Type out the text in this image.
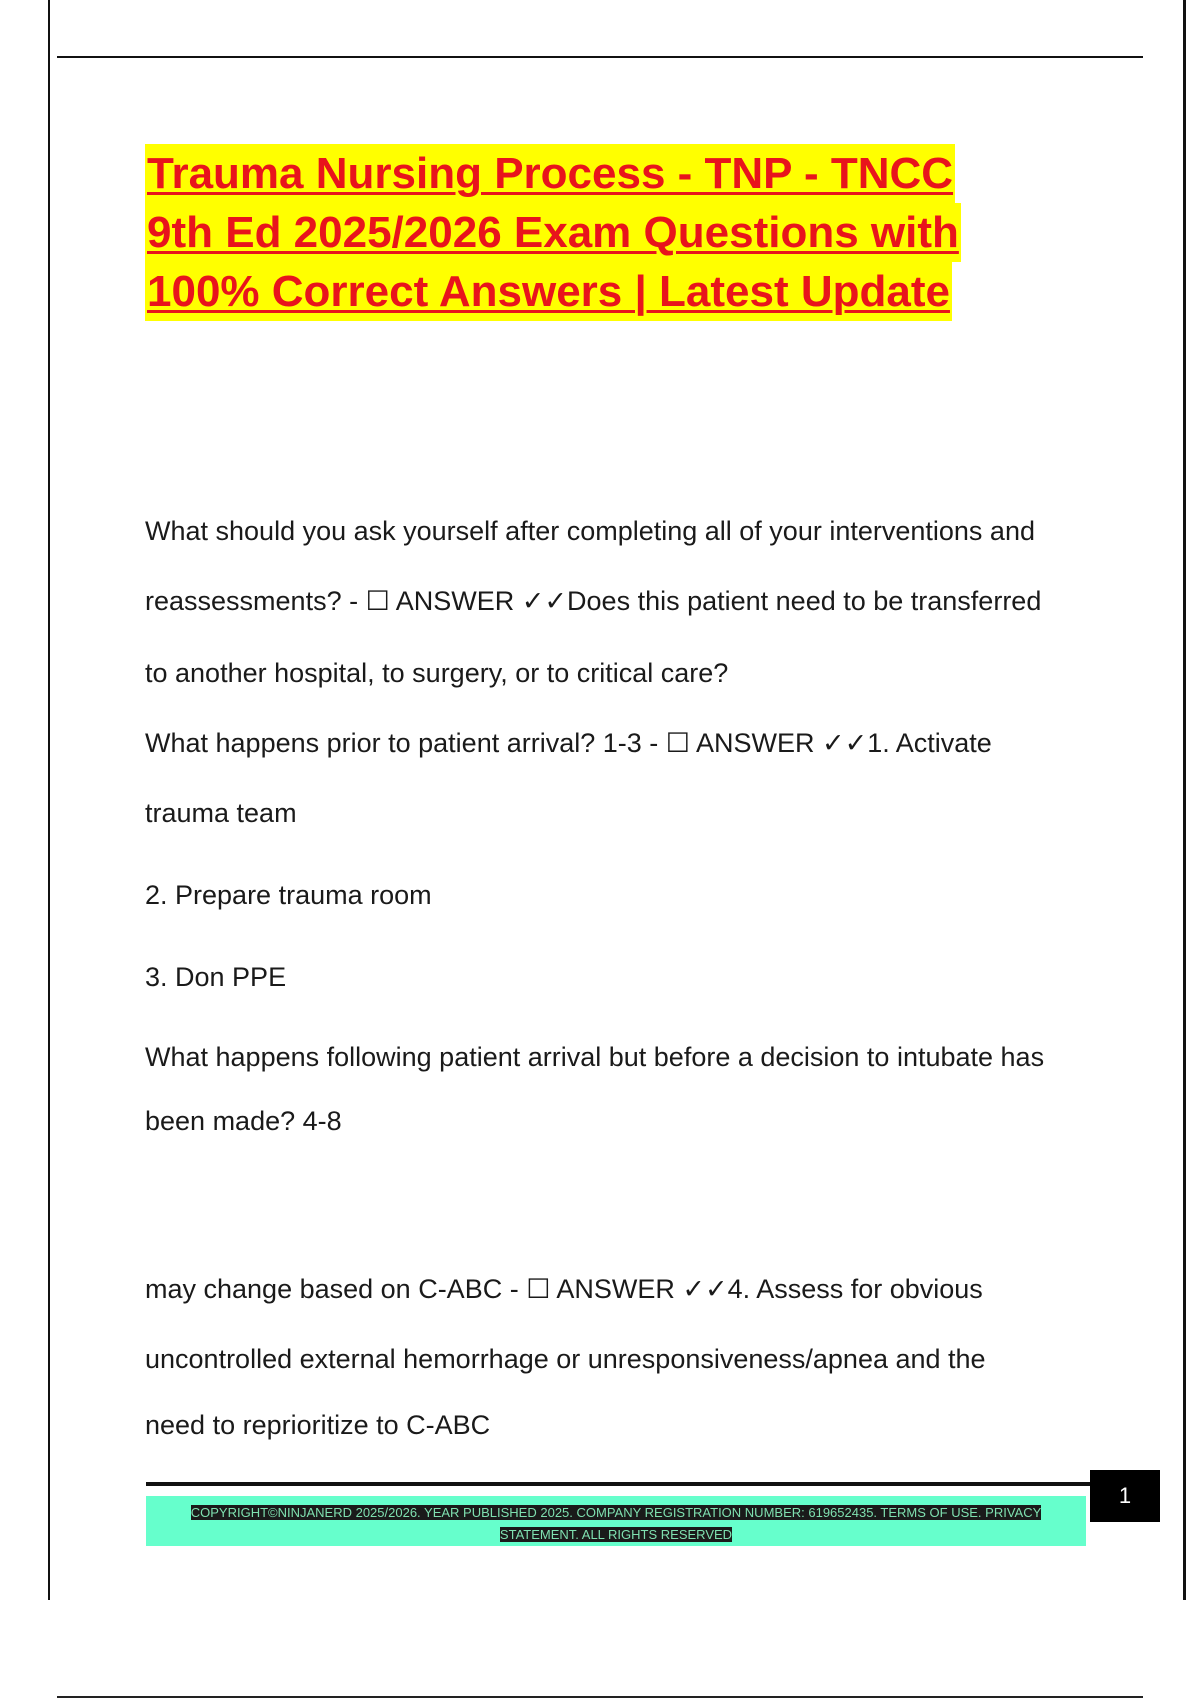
Trauma Nursing Process - TNP - TNCC
9th Ed 2025/2026 Exam Questions with
100% Correct Answers | Latest Update

What should you ask yourself after completing all of your interventions and

reassessments? - ☐ ANSWER ✓✓Does this patient need to be transferred

to another hospital, to surgery, or to critical care?

What happens prior to patient arrival? 1-3 - ☐ ANSWER ✓✓1. Activate

trauma team

2. Prepare trauma room

3. Don PPE

What happens following patient arrival but before a decision to intubate has

been made? 4-8

may change based on C-ABC - ☐ ANSWER ✓✓4. Assess for obvious

uncontrolled external hemorrhage or unresponsiveness/apnea and the

need to reprioritize to C-ABC

COPYRIGHT©NINJANERD 2025/2026. YEAR PUBLISHED 2025. COMPANY REGISTRATION NUMBER: 619652435. TERMS OF USE. PRIVACY
STATEMENT. ALL RIGHTS RESERVED
1
